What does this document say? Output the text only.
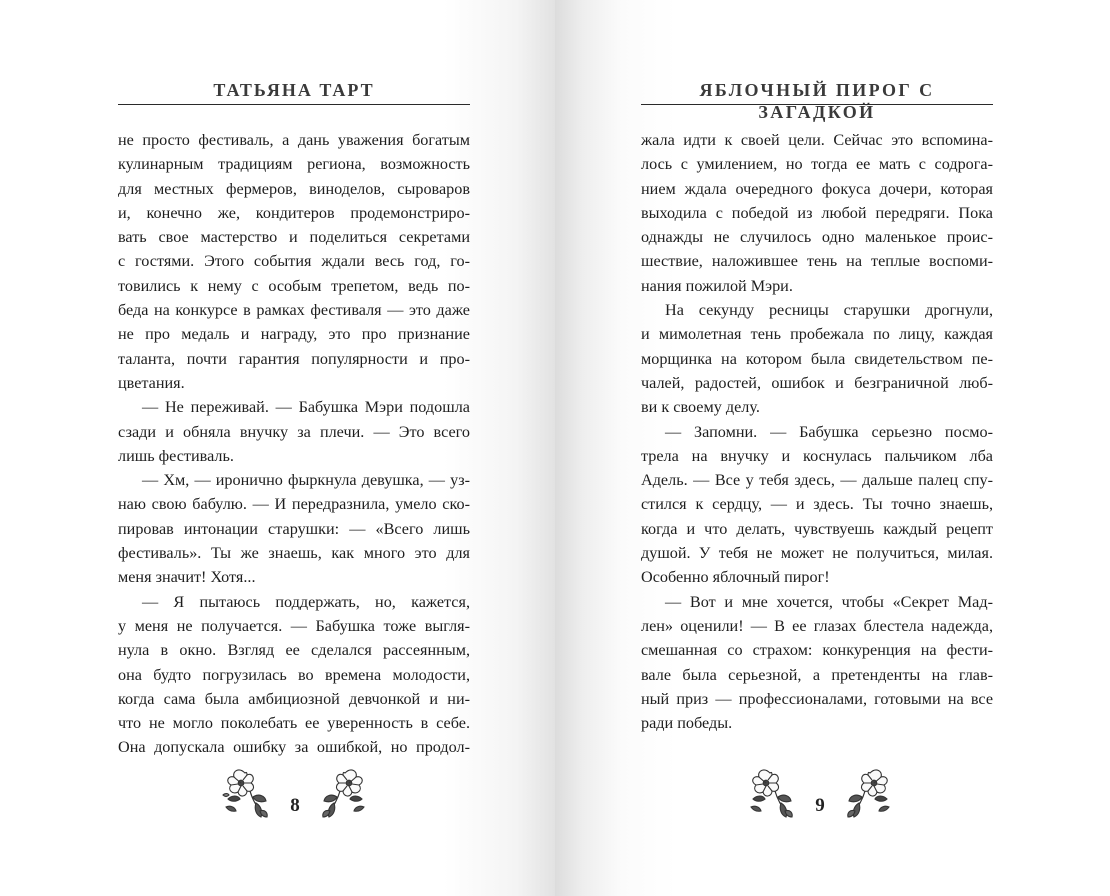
ТАТЬЯНА ТАРТ

не просто фестиваль, а дань уважения богатым

кулинарным традициям региона, возможность

для местных фермеров, виноделов, сыроваров

и, конечно же, кондитеров продемонстриро-

вать свое мастерство и поделиться секретами

с гостями. Этого события ждали весь год, го-

товились к нему с особым трепетом, ведь по-

беда на конкурсе в рамках фестиваля — это даже

не про медаль и награду, это про признание

таланта, почти гарантия популярности и про-

цветания.

— Не переживай. — Бабушка Мэри подошла

сзади и обняла внучку за плечи. — Это всего

лишь фестиваль.

— Хм, — иронично фыркнула девушка, — уз-

наю свою бабулю. — И передразнила, умело ско-

пировав интонации старушки: — «Всего лишь

фестиваль». Ты же знаешь, как много это для

меня значит! Хотя...

— Я пытаюсь поддержать, но, кажется,

у меня не получается. — Бабушка тоже выгля-

нула в окно. Взгляд ее сделался рассеянным,

она будто погрузилась во времена молодости,

когда сама была амбициозной девчонкой и ни-

что не могло поколебать ее уверенность в себе.

Она допускала ошибку за ошибкой, но продол-

8
ЯБЛОЧНЫЙ ПИРОГ С ЗАГАДКОЙ

жала идти к своей цели. Сейчас это вспомина-

лось с умилением, но тогда ее мать с содрога-

нием ждала очередного фокуса дочери, которая

выходила с победой из любой передряги. Пока

однажды не случилось одно маленькое проис-

шествие, наложившее тень на теплые воспоми-

нания пожилой Мэри.

На секунду ресницы старушки дрогнули,

и мимолетная тень пробежала по лицу, каждая

морщинка на котором была свидетельством пе-

чалей, радостей, ошибок и безграничной люб-

ви к своему делу.

— Запомни. — Бабушка серьезно посмо-

трела на внучку и коснулась пальчиком лба

Адель. — Все у тебя здесь, — дальше палец спу-

стился к сердцу, — и здесь. Ты точно знаешь,

когда и что делать, чувствуешь каждый рецепт

душой. У тебя не может не получиться, милая.

Особенно яблочный пирог!

— Вот и мне хочется, чтобы «Секрет Мад-

лен» оценили! — В ее глазах блестела надежда,

смешанная со страхом: конкуренция на фести-

вале была серьезной, а претенденты на глав-

ный приз — профессионалами, готовыми на все

ради победы.

9
